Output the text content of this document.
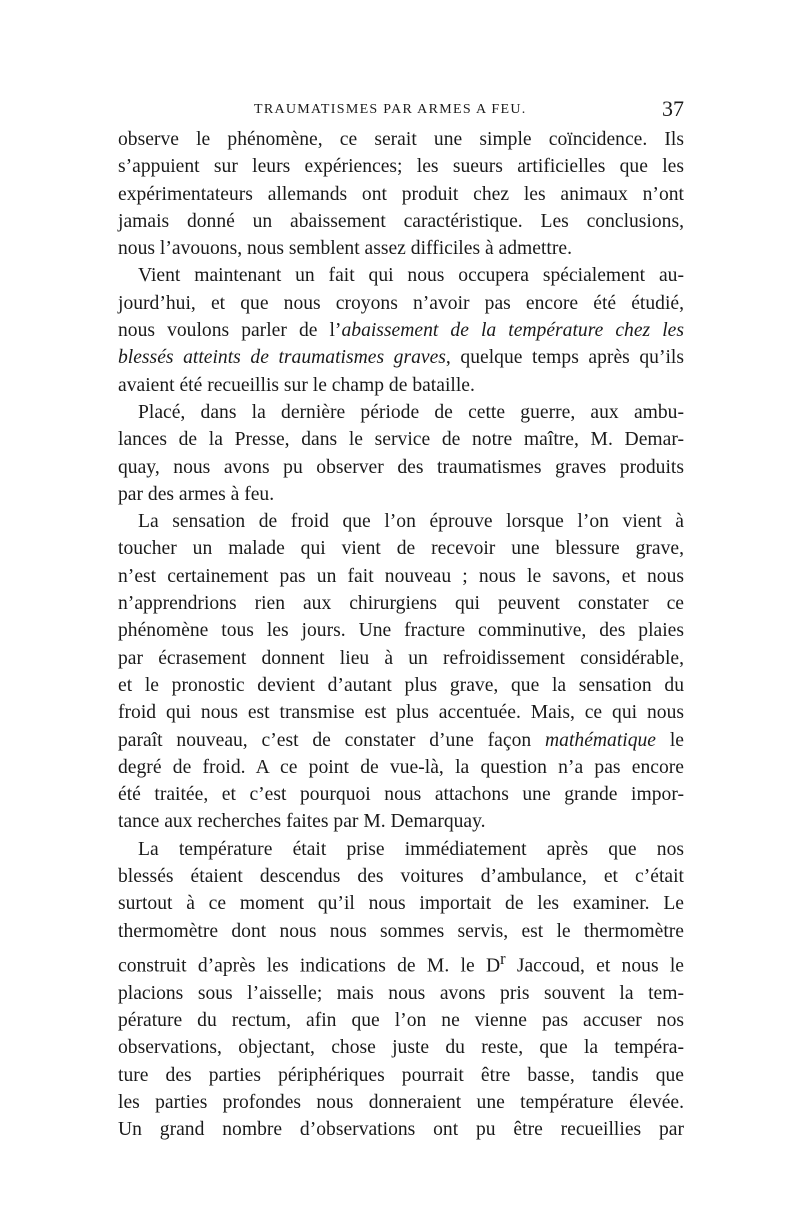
TRAUMATISMES PAR ARMES A FEU.	37

observe le phénomène, ce serait une simple coïncidence. Ils
s’appuient sur leurs expériences; les sueurs artificielles que les
expérimentateurs allemands ont produit chez les animaux n’ont
jamais donné un abaissement caractéristique. Les conclusions,
nous l’avouons, nous semblent assez difficiles à admettre.

Vient maintenant un fait qui nous occupera spécialement au-
jourd’hui, et que nous croyons n’avoir pas encore été étudié,
nous voulons parler de l’abaissement de la température chez les
blessés atteints de traumatismes graves, quelque temps après qu’ils
avaient été recueillis sur le champ de bataille.

Placé, dans la dernière période de cette guerre, aux ambu-
lances de la Presse, dans le service de notre maître, M. Demar-
quay, nous avons pu observer des traumatismes graves produits
par des armes à feu.

La sensation de froid que l’on éprouve lorsque l’on vient à
toucher un malade qui vient de recevoir une blessure grave,
n’est certainement pas un fait nouveau ; nous le savons, et nous
n’apprendrions rien aux chirurgiens qui peuvent constater ce
phénomène tous les jours. Une fracture comminutive, des plaies
par écrasement donnent lieu à un refroidissement considérable,
et le pronostic devient d’autant plus grave, que la sensation du
froid qui nous est transmise est plus accentuée. Mais, ce qui nous
paraît nouveau, c’est de constater d’une façon mathématique le
degré de froid. A ce point de vue-là, la question n’a pas encore
été traitée, et c’est pourquoi nous attachons une grande impor-
tance aux recherches faites par M. Demarquay.

La température était prise immédiatement après que nos
blessés étaient descendus des voitures d’ambulance, et c’était
surtout à ce moment qu’il nous importait de les examiner. Le
thermomètre dont nous nous sommes servis, est le thermomètre
construit d’après les indications de M. le $D^r$ Jaccoud, et nous le
placions sous l’aisselle; mais nous avons pris souvent la tem-
pérature du rectum, afin que l’on ne vienne pas accuser nos
observations, objectant, chose juste du reste, que la tempéra-
ture des parties périphériques pourrait être basse, tandis que
les parties profondes nous donneraient une température élevée.
Un grand nombre d’observations ont pu être recueillies par
